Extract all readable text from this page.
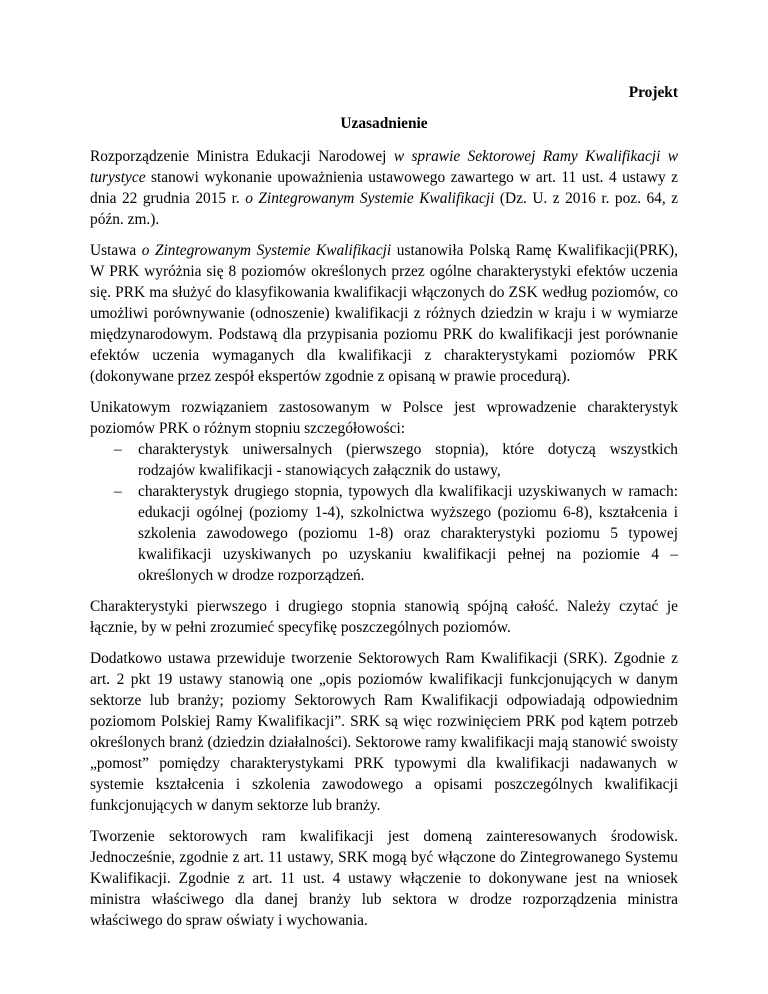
Projekt
Uzasadnienie

Rozporządzenie Ministra Edukacji Narodowej w sprawie Sektorowej Ramy Kwalifikacji w turystyce stanowi wykonanie upoważnienia ustawowego zawartego w art. 11 ust. 4 ustawy z dnia 22 grudnia 2015 r. o Zintegrowanym Systemie Kwalifikacji (Dz. U. z 2016 r. poz. 64, z późn. zm.).

Ustawa o Zintegrowanym Systemie Kwalifikacji ustanowiła Polską Ramę Kwalifikacji(PRK), W PRK wyróżnia się 8 poziomów określonych przez ogólne charakterystyki efektów uczenia się. PRK ma służyć do klasyfikowania kwalifikacji włączonych do ZSK według poziomów, co umożliwi porównywanie (odnoszenie) kwalifikacji z różnych dziedzin w kraju i w wymiarze międzynarodowym. Podstawą dla przypisania poziomu PRK do kwalifikacji jest porównanie efektów uczenia wymaganych dla kwalifikacji z charakterystykami poziomów PRK (dokonywane przez zespół ekspertów zgodnie z opisaną w prawie procedurą).

Unikatowym rozwiązaniem zastosowanym w Polsce jest wprowadzenie charakterystyk poziomów PRK o różnym stopniu szczegółowości:

– charakterystyk uniwersalnych (pierwszego stopnia), które dotyczą wszystkich rodzajów kwalifikacji - stanowiących załącznik do ustawy,
– charakterystyk drugiego stopnia, typowych dla kwalifikacji uzyskiwanych w ramach: edukacji ogólnej (poziomy 1-4), szkolnictwa wyższego (poziomu 6-8), kształcenia i szkolenia zawodowego (poziomu 1-8) oraz charakterystyki poziomu 5 typowej kwalifikacji uzyskiwanych po uzyskaniu kwalifikacji pełnej na poziomie 4 – określonych w drodze rozporządzeń.

Charakterystyki pierwszego i drugiego stopnia stanowią spójną całość. Należy czytać je łącznie, by w pełni zrozumieć specyfikę poszczególnych poziomów.

Dodatkowo ustawa przewiduje tworzenie Sektorowych Ram Kwalifikacji (SRK). Zgodnie z art. 2 pkt 19 ustawy stanowią one „opis poziomów kwalifikacji funkcjonujących w danym sektorze lub branży; poziomy Sektorowych Ram Kwalifikacji odpowiadają odpowiednim poziomom Polskiej Ramy Kwalifikacji”. SRK są więc rozwinięciem PRK pod kątem potrzeb określonych branż (dziedzin działalności). Sektorowe ramy kwalifikacji mają stanowić swoisty „pomost” pomiędzy charakterystykami PRK typowymi dla kwalifikacji nadawanych w systemie kształcenia i szkolenia zawodowego a opisami poszczególnych kwalifikacji funkcjonujących w danym sektorze lub branży.

Tworzenie sektorowych ram kwalifikacji jest domeną zainteresowanych środowisk. Jednocześnie, zgodnie z art. 11 ustawy, SRK mogą być włączone do Zintegrowanego Systemu Kwalifikacji. Zgodnie z art. 11 ust. 4 ustawy włączenie to dokonywane jest na wniosek ministra właściwego dla danej branży lub sektora w drodze rozporządzenia ministra właściwego do spraw oświaty i wychowania.
